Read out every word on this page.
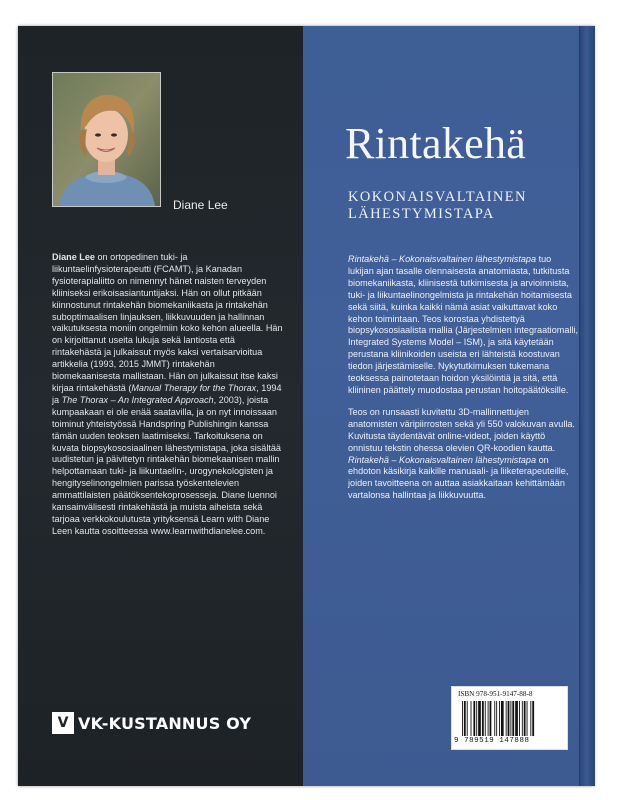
Diane Lee

Diane Lee on ortopedinen tuki- ja liikuntaelinfysioterapeutti (FCAMT), ja Kanadan fysioterapialiitto on nimennyt hänet naisten terveyden kliiniseksi erikoisasiantuntijaksi. Hän on ollut pitkään kiinnostunut rintakehän biomekaniikasta ja rintakehän suboptimaalisen linjauksen, liikkuvuuden ja hallinnan vaikutuksesta moniin ongelmiin koko kehon alueella. Hän on kirjoittanut useita lukuja sekä lantiosta että rintakehästä ja julkaissut myös kaksi vertaisarvioitua artikkelia (1993, 2015 JMMT) rintakehän biomekaanisesta mallistaan. Hän on julkaissut itse kaksi kirjaa rintakehästä (Manual Therapy for the Thorax, 1994 ja The Thorax – An Integrated Approach, 2003), joista kumpaakaan ei ole enää saatavilla, ja on nyt innoissaan toiminut yhteistyössä Handspring Publishingin kanssa tämän uuden teoksen laatimiseksi. Tarkoituksena on kuvata biopsykososiaalinen lähestymistapa, joka sisältää uudistetun ja päivitetyn rintakehän biomekaanisen mallin helpottamaan tuki- ja liikuntaelin-, urogynekologisten ja hengityselinongelmien parissa työskentelevien ammattilaisten päätöksentekoprosesseja. Diane luennoi kansainvälisesti rintakehästä ja muista aiheista sekä tarjoaa verkkokoulutusta yrityksensä Learn with Diane Leen kautta osoitteessa www.learnwithdianelee.com.

V VK-KUSTANNUS OY
Rintakehä
KOKONAISVALTAINEN
LÄHESTYMISTAPA

Rintakehä – Kokonaisvaltainen lähestymistapa tuo lukijan ajan tasalle olennaisesta anatomiasta, tutkitusta biomekaniikasta, kliinisestä tutkimisesta ja arvioinnista, tuki- ja liikuntaelinongelmista ja rintakehän hoitamisesta sekä siitä, kuinka kaikki nämä asiat vaikuttavat koko kehon toimintaan. Teos korostaa yhdistettyä biopsykososiaalista mallia (Järjestelmien integraatiomalli, Integrated Systems Model – ISM), ja sitä käytetään perustana kliinikoiden useista eri lähteistä koostuvan tiedon järjestämiselle. Nykytutkimuksen tukemana teoksessa painotetaan hoidon yksilöintiä ja sitä, että kliininen päättely muodostaa perustan hoitopäätöksille.

Teos on runsaasti kuvitettu 3D-mallinnettujen anatomisten väripiirrosten sekä yli 550 valokuvan avulla. Kuvitusta täydentävät online-videot, joiden käyttö onnistuu tekstin ohessa olevien QR-koodien kautta. Rintakehä – Kokonaisvaltainen lähestymistapa on ehdoton käsikirja kaikille manuaali- ja liiketerapeuteille, joiden tavoitteena on auttaa asiakkaitaan kehittämään vartalonsa hallintaa ja liikkuvuutta.

ISBN 978-951-9147-88-8
9 789519 147888
